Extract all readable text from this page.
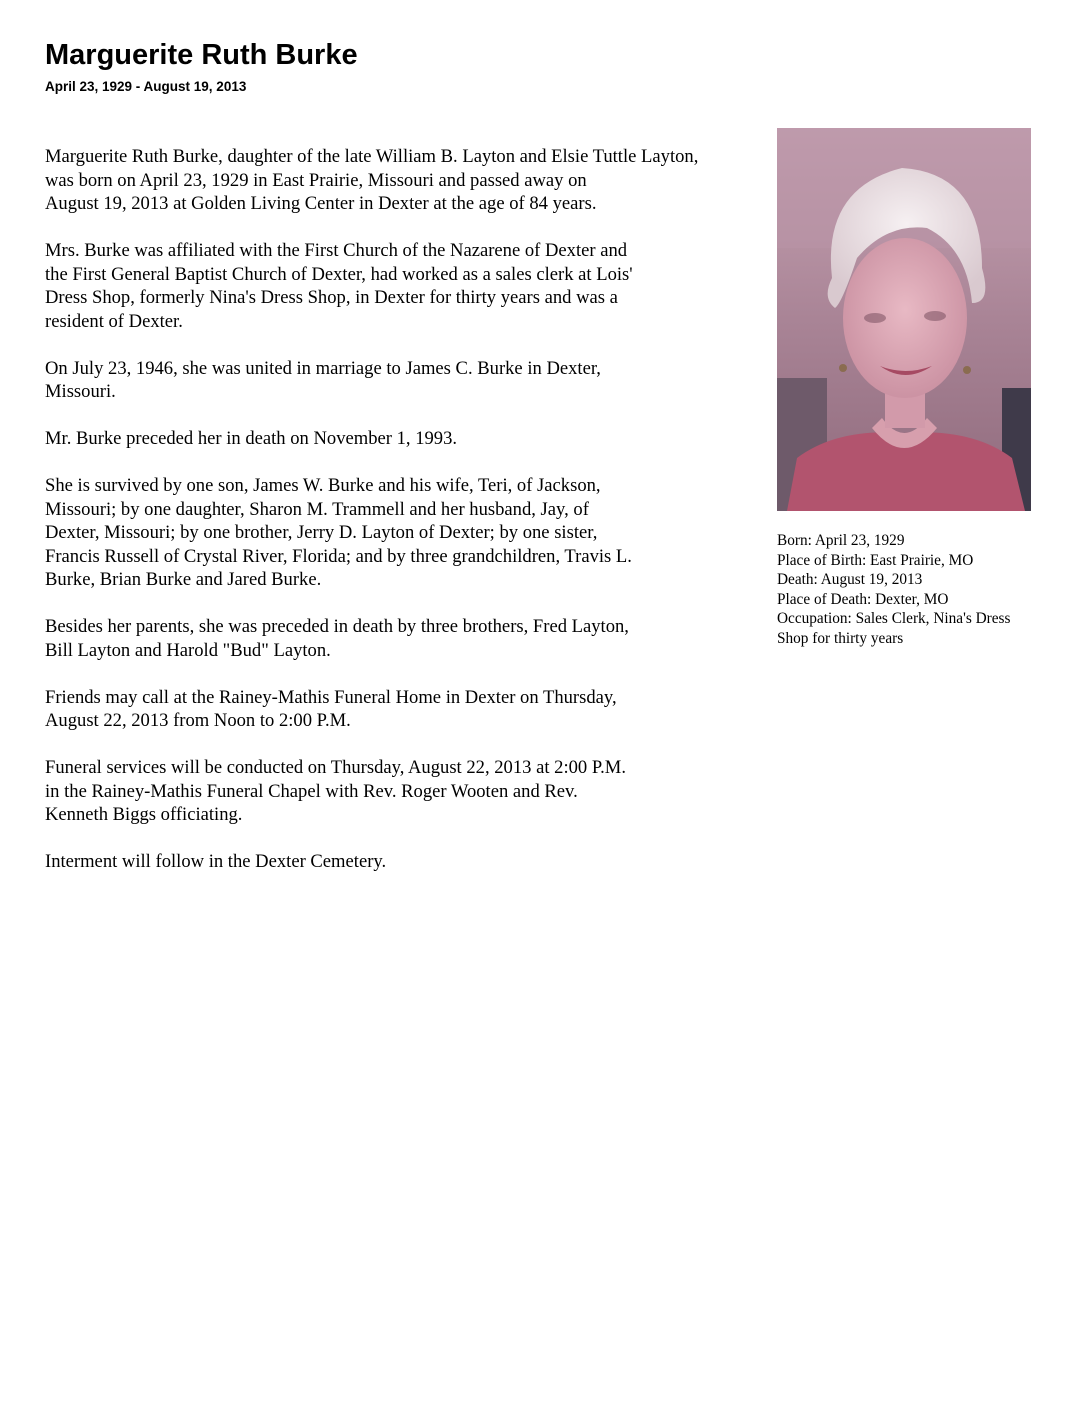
Marguerite Ruth Burke
April 23, 1929 - August 19, 2013

Marguerite Ruth Burke, daughter of the late William B. Layton and Elsie Tuttle Layton,
was born on April 23, 1929 in East Prairie, Missouri and passed away on
August 19, 2013 at Golden Living Center in Dexter at the age of 84 years.

Mrs. Burke was affiliated with the First Church of the Nazarene of Dexter and
the First General Baptist Church of Dexter, had worked as a sales clerk at Lois'
Dress Shop, formerly Nina's Dress Shop, in Dexter for thirty years and was a
resident of Dexter.

On July 23, 1946, she was united in marriage to James C. Burke in Dexter,
Missouri.

Mr. Burke preceded her in death on November 1, 1993.

She is survived by one son, James W. Burke and his wife, Teri, of Jackson,
Missouri; by one daughter, Sharon M. Trammell and her husband, Jay, of
Dexter, Missouri; by one brother, Jerry D. Layton of Dexter; by one sister,
Francis Russell of Crystal River, Florida; and by three grandchildren, Travis L.
Burke, Brian Burke and Jared Burke.

Besides her parents, she was preceded in death by three brothers, Fred Layton,
Bill Layton and Harold "Bud" Layton.

Friends may call at the Rainey-Mathis Funeral Home in Dexter on Thursday,
August 22, 2013 from Noon to 2:00 P.M.

Funeral services will be conducted on Thursday, August 22, 2013 at 2:00 P.M.
in the Rainey-Mathis Funeral Chapel with Rev. Roger Wooten and Rev.
Kenneth Biggs officiating.

Interment will follow in the Dexter Cemetery.

Born: April 23, 1929
Place of Birth: East Prairie, MO
Death: August 19, 2013
Place of Death: Dexter, MO
Occupation: Sales Clerk, Nina's Dress
Shop for thirty years
